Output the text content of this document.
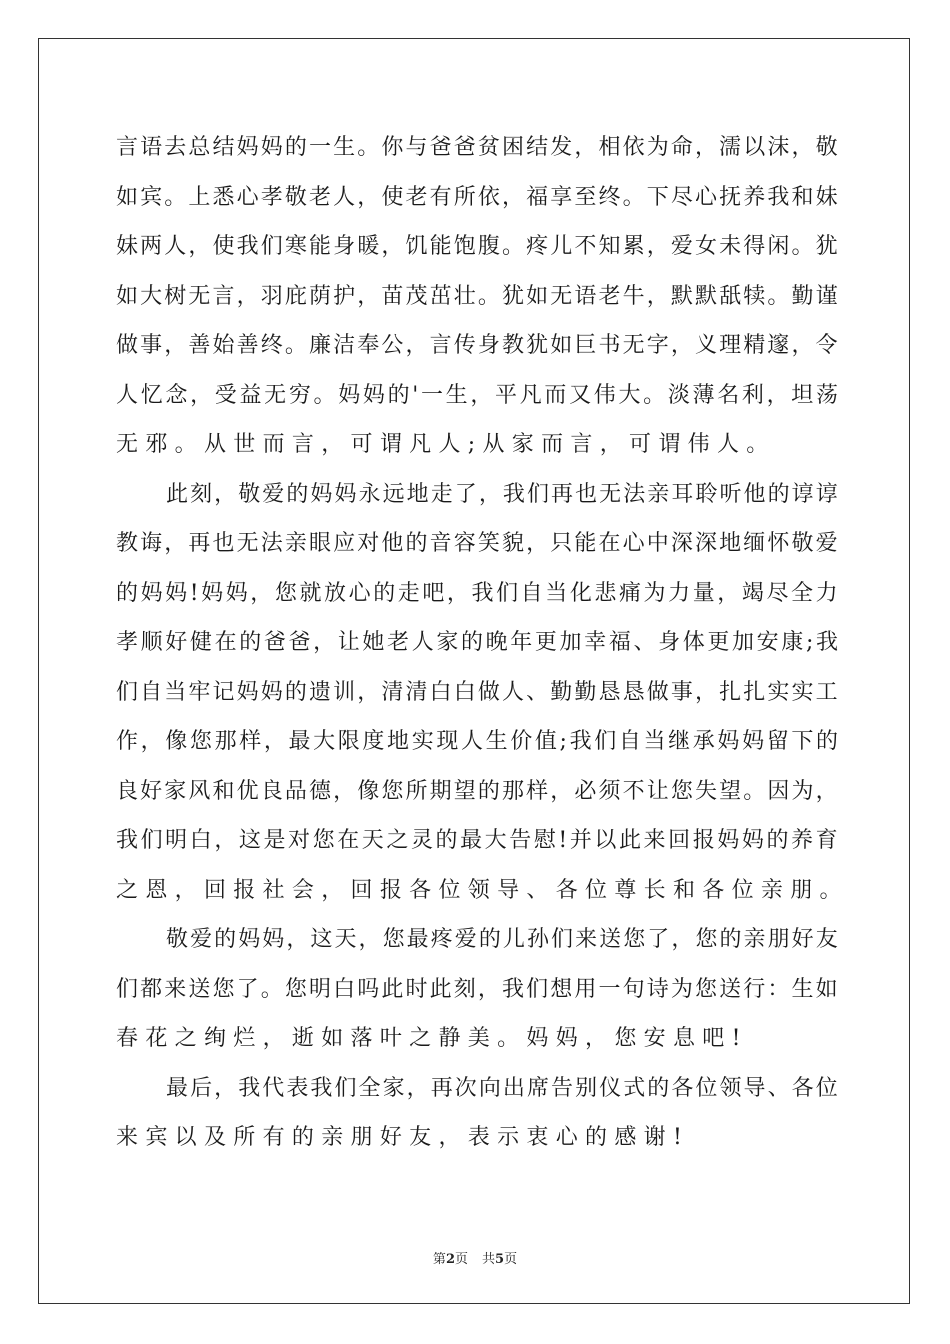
言 语 去 总 结 妈 妈 的 一 生 。 你 与 爸 爸 贫 困 结 发 ， 相 依 为 命 ， 濡 以 沫 ， 敬
如 宾 。 上 悉 心 孝 敬 老 人 ， 使 老 有 所 依 ， 福 享 至 终 。 下 尽 心 抚 养 我 和 妹
妹 两 人 ， 使 我 们 寒 能 身 暖 ， 饥 能 饱 腹 。 疼 儿 不 知 累 ， 爱 女 未 得 闲 。 犹
如 大 树 无 言 ， 羽 庇 荫 护 ， 苗 茂 茁 壮 。 犹 如 无 语 老 牛 ， 默 默 舐 犊 。 勤 谨
做 事 ， 善 始 善 终 。 廉 洁 奉 公 ， 言 传 身 教 犹 如 巨 书 无 字 ， 义 理 精 邃 ， 令
人 忆 念 ， 受 益 无 穷 。 妈 妈 的 ' 一 生 ， 平 凡 而 又 伟 大 。 淡 薄 名 利 ， 坦 荡
无 邪 。 从 世 而 言 ， 可 谓 凡 人 ; 从 家 而 言 ， 可 谓 伟 人 。
此 刻 ， 敬 爱 的 妈 妈 永 远 地 走 了 ， 我 们 再 也 无 法 亲 耳 聆 听 他 的 谆 谆
教 诲 ， 再 也 无 法 亲 眼 应 对 他 的 音 容 笑 貌 ， 只 能 在 心 中 深 深 地 缅 怀 敬 爱
的 妈 妈 ! 妈 妈 ， 您 就 放 心 的 走 吧 ， 我 们 自 当 化 悲 痛 为 力 量 ， 竭 尽 全 力
孝 顺 好 健 在 的 爸 爸 ， 让 她 老 人 家 的 晚 年 更 加 幸 福 、 身 体 更 加 安 康 ; 我
们 自 当 牢 记 妈 妈 的 遗 训 ， 清 清 白 白 做 人 、 勤 勤 恳 恳 做 事 ， 扎 扎 实 实 工
作 ， 像 您 那 样 ， 最 大 限 度 地 实 现 人 生 价 值 ; 我 们 自 当 继 承 妈 妈 留 下 的
良 好 家 风 和 优 良 品 德 ， 像 您 所 期 望 的 那 样 ， 必 须 不 让 您 失 望 。 因 为 ，
我 们 明 白 ， 这 是 对 您 在 天 之 灵 的 最 大 告 慰 ! 并 以 此 来 回 报 妈 妈 的 养 育
之 恩 ， 回 报 社 会 ， 回 报 各 位 领 导 、 各 位 尊 长 和 各 位 亲 朋 。
敬 爱 的 妈 妈 ， 这 天 ， 您 最 疼 爱 的 儿 孙 们 来 送 您 了 ， 您 的 亲 朋 好 友
们 都 来 送 您 了 。 您 明 白 吗 此 时 此 刻 ， 我 们 想 用 一 句 诗 为 您 送 行 ： 生 如
春 花 之 绚 烂 ， 逝 如 落 叶 之 静 美 。 妈 妈 ， 您 安 息 吧 !
最 后 ， 我 代 表 我 们 全 家 ， 再 次 向 出 席 告 别 仪 式 的 各 位 领 导 、 各 位
来 宾 以 及 所 有 的 亲 朋 好 友 ， 表 示 衷 心 的 感 谢 !
第2页 共5页
